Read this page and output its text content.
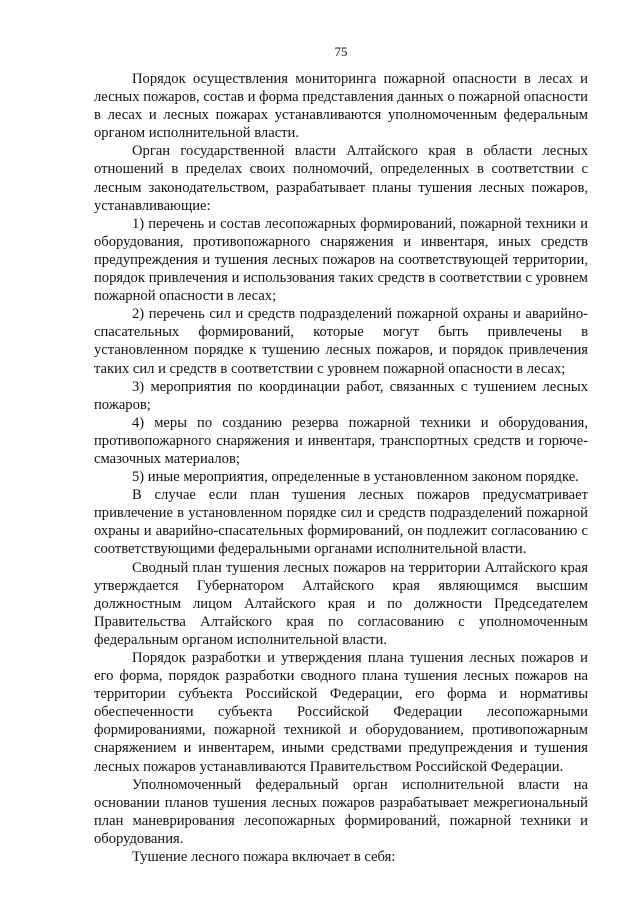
75

Порядок осуществления мониторинга пожарной опасности в лесах и лесных пожаров, состав и форма представления данных о пожарной опасности в лесах и лесных пожарах устанавливаются уполномоченным федеральным органом исполнительной власти.

Орган государственной власти Алтайского края в области лесных отношений в пределах своих полномочий, определенных в соответствии с лесным законодательством, разрабатывает планы тушения лесных пожаров, устанавливающие:

1) перечень и состав лесопожарных формирований, пожарной техники и оборудования, противопожарного снаряжения и инвентаря, иных средств предупреждения и тушения лесных пожаров на соответствующей территории, порядок привлечения и использования таких средств в соответствии с уровнем пожарной опасности в лесах;

2) перечень сил и средств подразделений пожарной охраны и аварийно-спасательных формирований, которые могут быть привлечены в установленном порядке к тушению лесных пожаров, и порядок привлечения таких сил и средств в соответствии с уровнем пожарной опасности в лесах;

3) мероприятия по координации работ, связанных с тушением лесных пожаров;

4) меры по созданию резерва пожарной техники и оборудования, противопожарного снаряжения и инвентаря, транспортных средств и горюче-смазочных материалов;

5) иные мероприятия, определенные в установленном законом порядке.

В случае если план тушения лесных пожаров предусматривает привлечение в установленном порядке сил и средств подразделений пожарной охраны и аварийно-спасательных формирований, он подлежит согласованию с соответствующими федеральными органами исполнительной власти.

Сводный план тушения лесных пожаров на территории Алтайского края утверждается Губернатором Алтайского края являющимся высшим должностным лицом Алтайского края и по должности Председателем Правительства Алтайского края по согласованию с уполномоченным федеральным органом исполнительной власти.

Порядок разработки и утверждения плана тушения лесных пожаров и его форма, порядок разработки сводного плана тушения лесных пожаров на территории субъекта Российской Федерации, его форма и нормативы обеспеченности субъекта Российской Федерации лесопожарными формированиями, пожарной техникой и оборудованием, противопожарным снаряжением и инвентарем, иными средствами предупреждения и тушения лесных пожаров устанавливаются Правительством Российской Федерации.

Уполномоченный федеральный орган исполнительной власти на основании планов тушения лесных пожаров разрабатывает межрегиональный план маневрирования лесопожарных формирований, пожарной техники и оборудования.

Тушение лесного пожара включает в себя:
